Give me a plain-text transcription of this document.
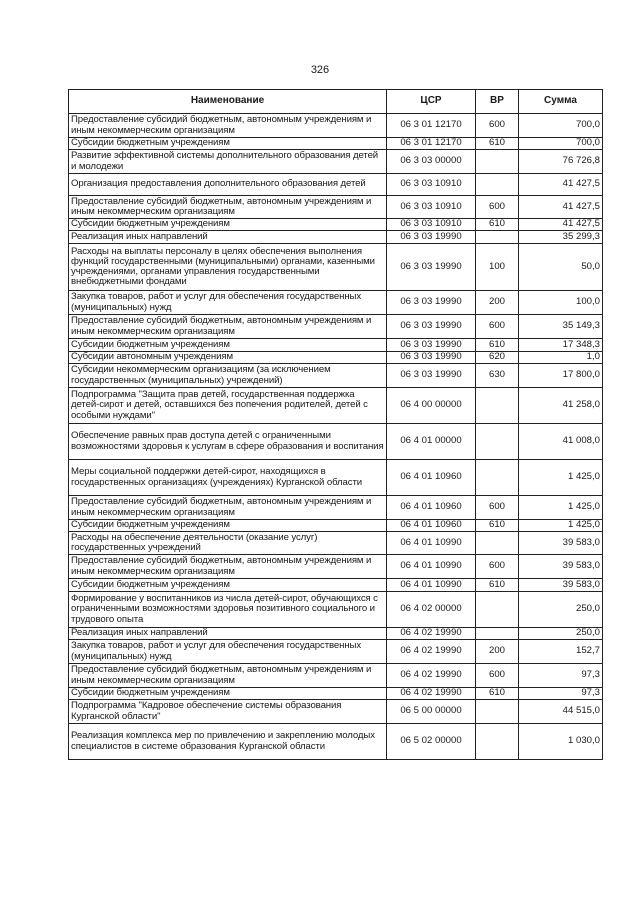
326
Наименование	ЦСР	ВР	Сумма
Предоставление субсидий бюджетным, автономным учреждениям и иным некоммерческим организациям	06 3 01 12170	600	700,0
Субсидии бюджетным учреждениям	06 3 01 12170	610	700,0
Развитие эффективной системы дополнительного образования детей и молодежи	06 3 03 00000		76 726,8
Организация предоставления дополнительного образования детей	06 3 03 10910		41 427,5
Предоставление субсидий бюджетным, автономным учреждениям и иным некоммерческим организациям	06 3 03 10910	600	41 427,5
Субсидии бюджетным учреждениям	06 3 03 10910	610	41 427,5
Реализация иных направлений	06 3 03 19990		35 299,3
Расходы на выплаты персоналу в целях обеспечения выполнения функций государственными (муниципальными) органами, казенными учреждениями, органами управления государственными внебюджетными фондами	06 3 03 19990	100	50,0
Закупка товаров, работ и услуг для обеспечения государственных (муниципальных) нужд	06 3 03 19990	200	100,0
Предоставление субсидий бюджетным, автономным учреждениям и иным некоммерческим организациям	06 3 03 19990	600	35 149,3
Субсидии бюджетным учреждениям	06 3 03 19990	610	17 348,3
Субсидии автономным учреждениям	06 3 03 19990	620	1,0
Субсидии некоммерческим организациям (за исключением государственных (муниципальных) учреждений)	06 3 03 19990	630	17 800,0
Подпрограмма "Защита прав детей, государственная поддержка детей-сирот и детей, оставшихся без попечения родителей, детей с особыми нуждами"	06 4 00 00000		41 258,0
Обеспечение равных прав доступа детей с ограниченными возможностями здоровья к услугам в сфере образования и воспитания	06 4 01 00000		41 008,0
Меры социальной поддержки детей-сирот, находящихся в государственных организациях (учреждениях) Курганской области	06 4 01 10960		1 425,0
Предоставление субсидий бюджетным, автономным учреждениям и иным некоммерческим организациям	06 4 01 10960	600	1 425,0
Субсидии бюджетным учреждениям	06 4 01 10960	610	1 425,0
Расходы на обеспечение деятельности (оказание услуг) государственных учреждений	06 4 01 10990		39 583,0
Предоставление субсидий бюджетным, автономным учреждениям и иным некоммерческим организациям	06 4 01 10990	600	39 583,0
Субсидии бюджетным учреждениям	06 4 01 10990	610	39 583,0
Формирование у воспитанников из числа детей-сирот, обучающихся с ограниченными возможностями здоровья позитивного социального и трудового опыта	06 4 02 00000		250,0
Реализация иных направлений	06 4 02 19990		250,0
Закупка товаров, работ и услуг для обеспечения государственных (муниципальных) нужд	06 4 02 19990	200	152,7
Предоставление субсидий бюджетным, автономным учреждениям и иным некоммерческим организациям	06 4 02 19990	600	97,3
Субсидии бюджетным учреждениям	06 4 02 19990	610	97,3
Подпрограмма "Кадровое обеспечение системы образования Курганской области"	06 5 00 00000		44 515,0
Реализация комплекса мер по привлечению и закреплению молодых специалистов в системе образования Курганской области	06 5 02 00000		1 030,0
